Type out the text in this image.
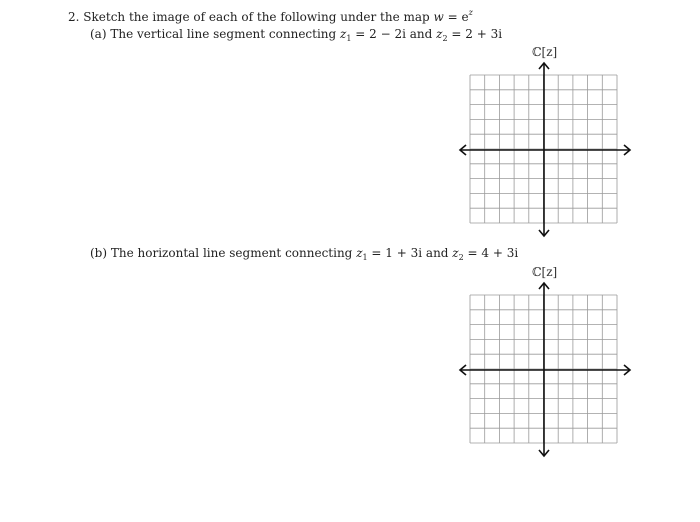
2. Sketch the image of each of the following under the map $w = e^z$
(a) The vertical line segment connecting $z_1 = 2 - 2i$ and $z_2 = 2 + 3i$
ℂ[z]
(b) The horizontal line segment connecting $z_1 = 1 + 3i$ and $z_2 = 4 + 3i$
ℂ[z]
